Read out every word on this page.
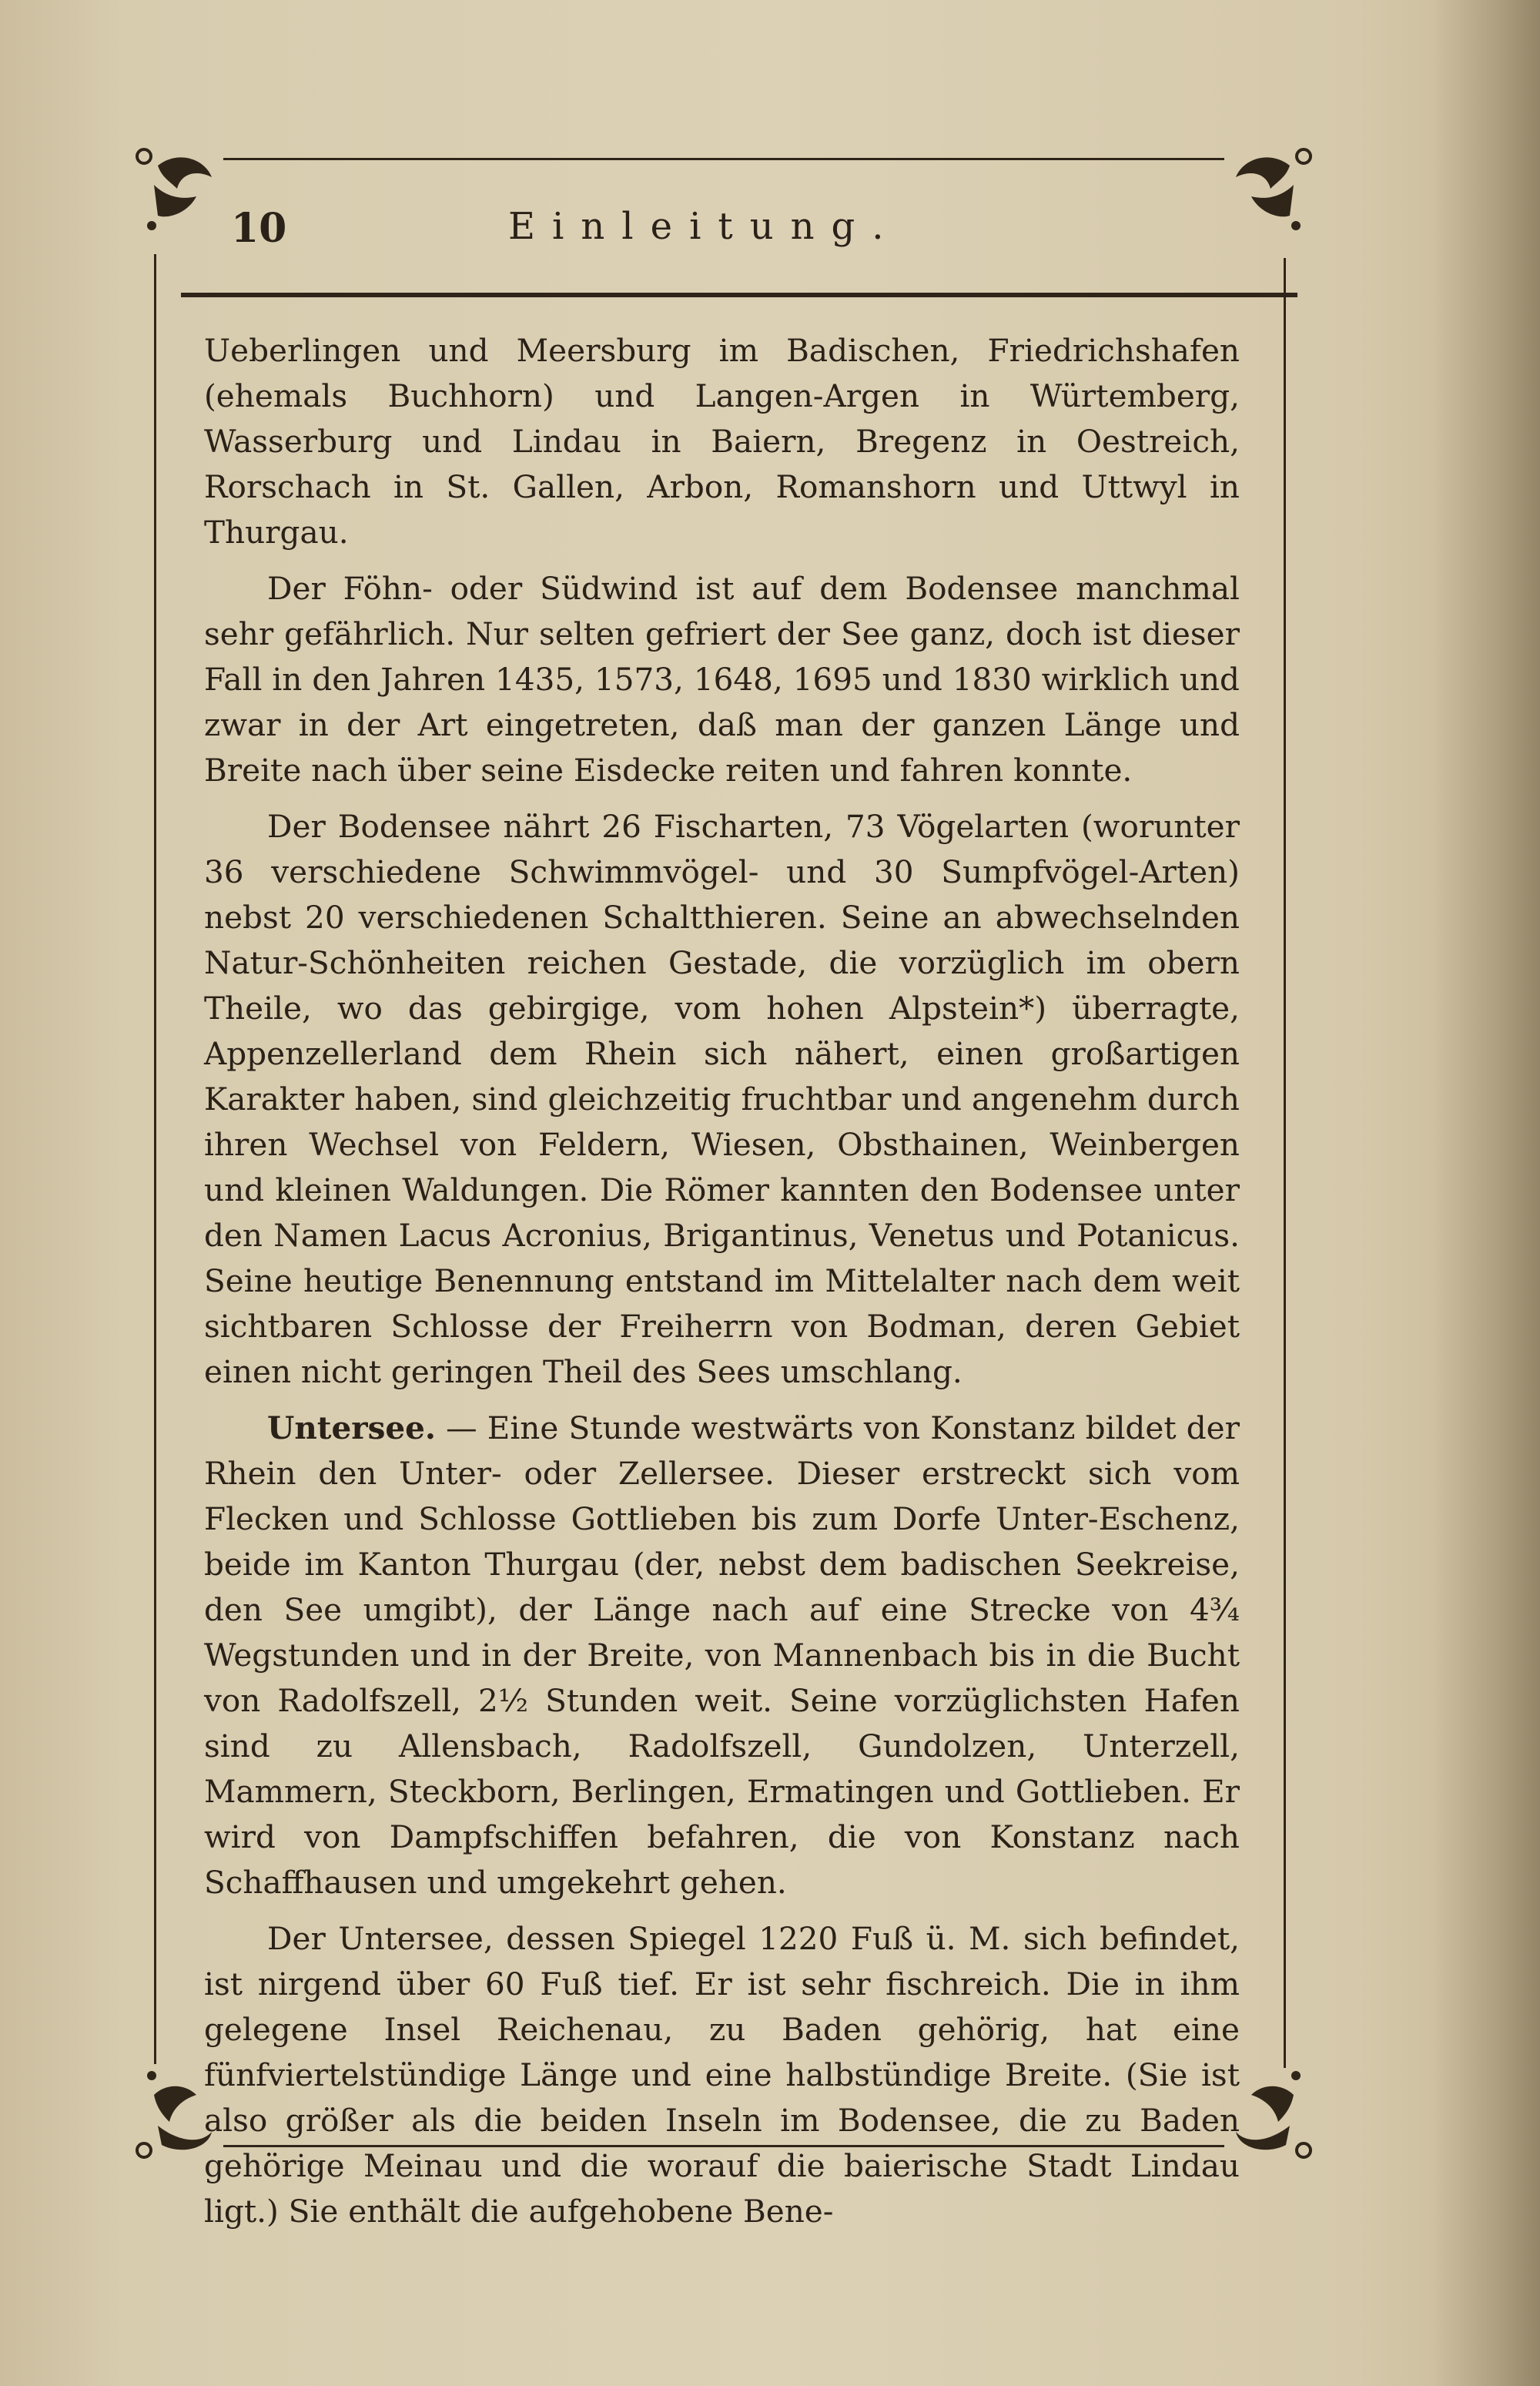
10	Einleitung.

Ueberlingen und Meersburg im Badischen, Friedrichshafen (ehemals Buchhorn) und Langen-Argen in Würtemberg, Wasserburg und Lindau in Baiern, Bregenz in Oestreich, Rorschach in St. Gallen, Arbon, Romanshorn und Uttwyl in Thurgau.

Der Föhn- oder Südwind ist auf dem Bodensee manchmal sehr gefährlich. Nur selten gefriert der See ganz, doch ist dieser Fall in den Jahren 1435, 1573, 1648, 1695 und 1830 wirklich und zwar in der Art eingetreten, daß man der ganzen Länge und Breite nach über seine Eisdecke reiten und fahren konnte.

Der Bodensee nährt 26 Fischarten, 73 Vögelarten (worunter 36 verschiedene Schwimmvögel- und 30 Sumpfvögel-Arten) nebst 20 verschiedenen Schaltthieren. Seine an abwechselnden Natur-Schönheiten reichen Gestade, die vorzüglich im obern Theile, wo das gebirgige, vom hohen Alpstein*) überragte, Appenzellerland dem Rhein sich nähert, einen großartigen Karakter haben, sind gleichzeitig fruchtbar und angenehm durch ihren Wechsel von Feldern, Wiesen, Obsthainen, Weinbergen und kleinen Waldungen. Die Römer kannten den Bodensee unter den Namen Lacus Acronius, Brigantinus, Venetus und Potanicus. Seine heutige Benennung entstand im Mittelalter nach dem weit sichtbaren Schlosse der Freiherrn von Bodman, deren Gebiet einen nicht geringen Theil des Sees umschlang.

Untersee. — Eine Stunde westwärts von Konstanz bildet der Rhein den Unter- oder Zellersee. Dieser erstreckt sich vom Flecken und Schlosse Gottlieben bis zum Dorfe Unter-Eschenz, beide im Kanton Thurgau (der, nebst dem badischen Seekreise, den See umgibt), der Länge nach auf eine Strecke von 4¾ Wegstunden und in der Breite, von Mannenbach bis in die Bucht von Radolfszell, 2½ Stunden weit. Seine vorzüglichsten Hafen sind zu Allensbach, Radolfszell, Gundolzen, Unterzell, Mammern, Steckborn, Berlingen, Ermatingen und Gottlieben. Er wird von Dampfschiffen befahren, die von Konstanz nach Schaffhausen und umgekehrt gehen.

Der Untersee, dessen Spiegel 1220 Fuß ü. M. sich befindet, ist nirgend über 60 Fuß tief. Er ist sehr fischreich. Die in ihm gelegene Insel Reichenau, zu Baden gehörig, hat eine fünfviertelstündige Länge und eine halbstündige Breite. (Sie ist also größer als die beiden Inseln im Bodensee, die zu Baden gehörige Meinau und die worauf die baierische Stadt Lindau ligt.) Sie enthält die aufgehobene Bene-
